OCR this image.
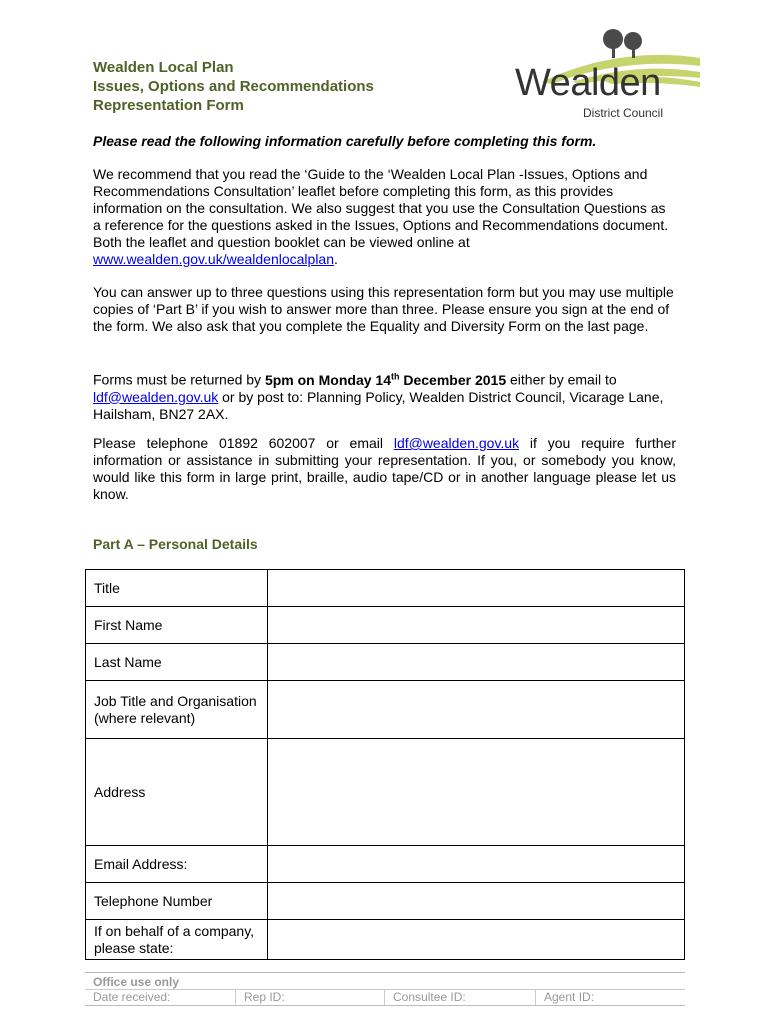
Wealden Local Plan
Issues, Options and Recommendations
Representation Form
Wealden
District Council
Please read the following information carefully before completing this form.
We recommend that you read the ‘Guide to the ‘Wealden Local Plan -Issues, Options and Recommendations Consultation’ leaflet before completing this form, as this provides information on the consultation. We also suggest that you use the Consultation Questions as a reference for the questions asked in the Issues, Options and Recommendations document. Both the leaflet and question booklet can be viewed online at www.wealden.gov.uk/wealdenlocalplan.
You can answer up to three questions using this representation form but you may use multiple copies of ‘Part B’ if you wish to answer more than three. Please ensure you sign at the end of the form. We also ask that you complete the Equality and Diversity Form on the last page.
Forms must be returned by 5pm on Monday 14th December 2015 either by email to ldf@wealden.gov.uk or by post to: Planning Policy, Wealden District Council, Vicarage Lane, Hailsham, BN27 2AX.
Please telephone 01892 602007 or email ldf@wealden.gov.uk if you require further information or assistance in submitting your representation. If you, or somebody you know, would like this form in large print, braille, audio tape/CD or in another language please let us know.
Part A – Personal Details
Title	
First Name	
Last Name	
Job Title and Organisation (where relevant)	
Address	
Email Address:	
Telephone Number	
If on behalf of a company, please state:	
Office use only
Date received:	Rep ID:	Consultee ID:	Agent ID:
